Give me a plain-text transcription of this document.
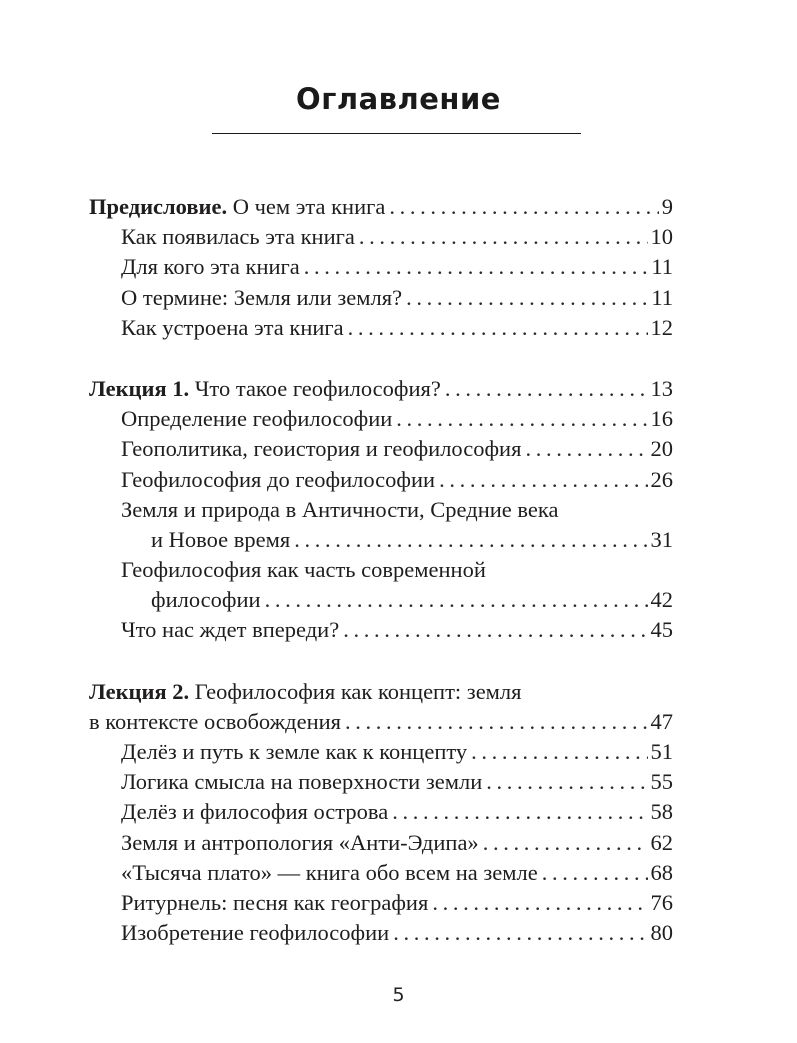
Оглавление
Предисловие. О чем эта книга . . .	9
Как появилась эта книга . . .	10
Для кого эта книга . . .	11
О термине: Земля или земля? . . .	11
Как устроена эта книга . . .	12
Лекция 1. Что такое геофилософия? . . .	13
Определение геофилософии . . .	16
Геополитика, геоистория и геофилософия . . .	20
Геофилософия до геофилософии . . .	26
Земля и природа в Античности, Средние века
и Новое время . . .	31
Геофилософия как часть современной
философии . . .	42
Что нас ждет впереди? . . .	45
Лекция 2. Геофилософия как концепт: земля
в контексте освобождения . . .	47
Делёз и путь к земле как к концепту . . .	51
Логика смысла на поверхности земли . . .	55
Делёз и философия острова . . .	58
Земля и антропология «Анти-Эдипа» . . .	62
«Тысяча плато» — книга обо всем на земле . . .	68
Ритурнель: песня как география . . .	76
Изобретение геофилософии . . .	80
5
